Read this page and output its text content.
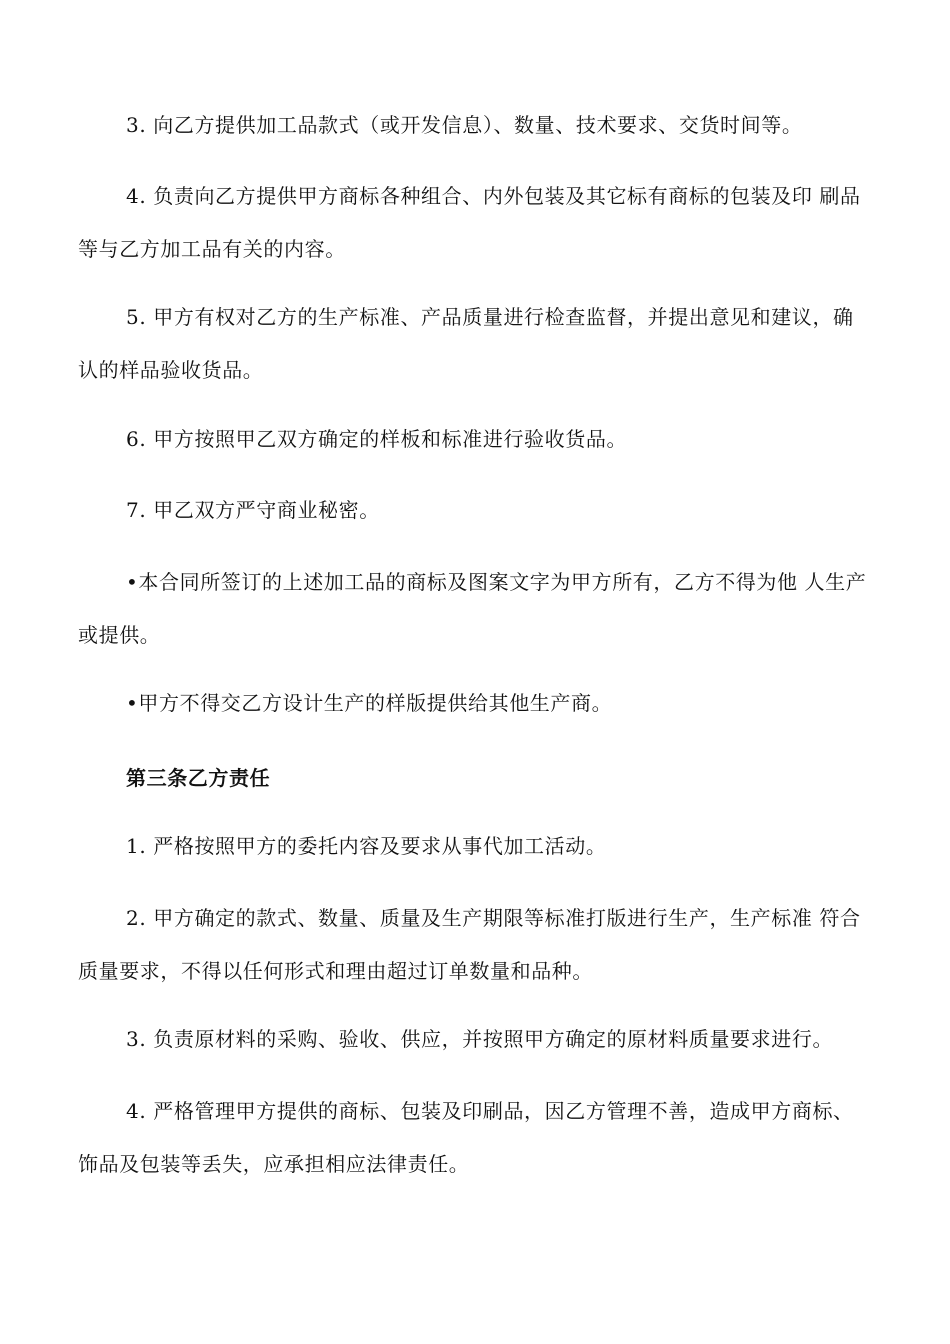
3. 向乙方提供加工品款式（或开发信息）、数量、技术要求、交货时间等。

4. 负责向乙方提供甲方商标各种组合、内外包装及其它标有商标的包装及印 刷品等与乙方加工品有关的内容。

5. 甲方有权对乙方的生产标准、产品质量进行检查监督，并提出意见和建议，确认的样品验收货品。

6. 甲方按照甲乙双方确定的样板和标准进行验收货品。

7. 甲乙双方严守商业秘密。

•本合同所签订的上述加工品的商标及图案文字为甲方所有，乙方不得为他 人生产或提供。

•甲方不得交乙方设计生产的样版提供给其他生产商。

第三条乙方责任

1. 严格按照甲方的委托内容及要求从事代加工活动。

2. 甲方确定的款式、数量、质量及生产期限等标准打版进行生产，生产标准 符合 质量要求，不得以任何形式和理由超过订单数量和品种。

3. 负责原材料的采购、验收、供应，并按照甲方确定的原材料质量要求进行。

4. 严格管理甲方提供的商标、包装及印刷品，因乙方管理不善，造成甲方商标、饰品及包装等丢失，应承担相应法律责任。
